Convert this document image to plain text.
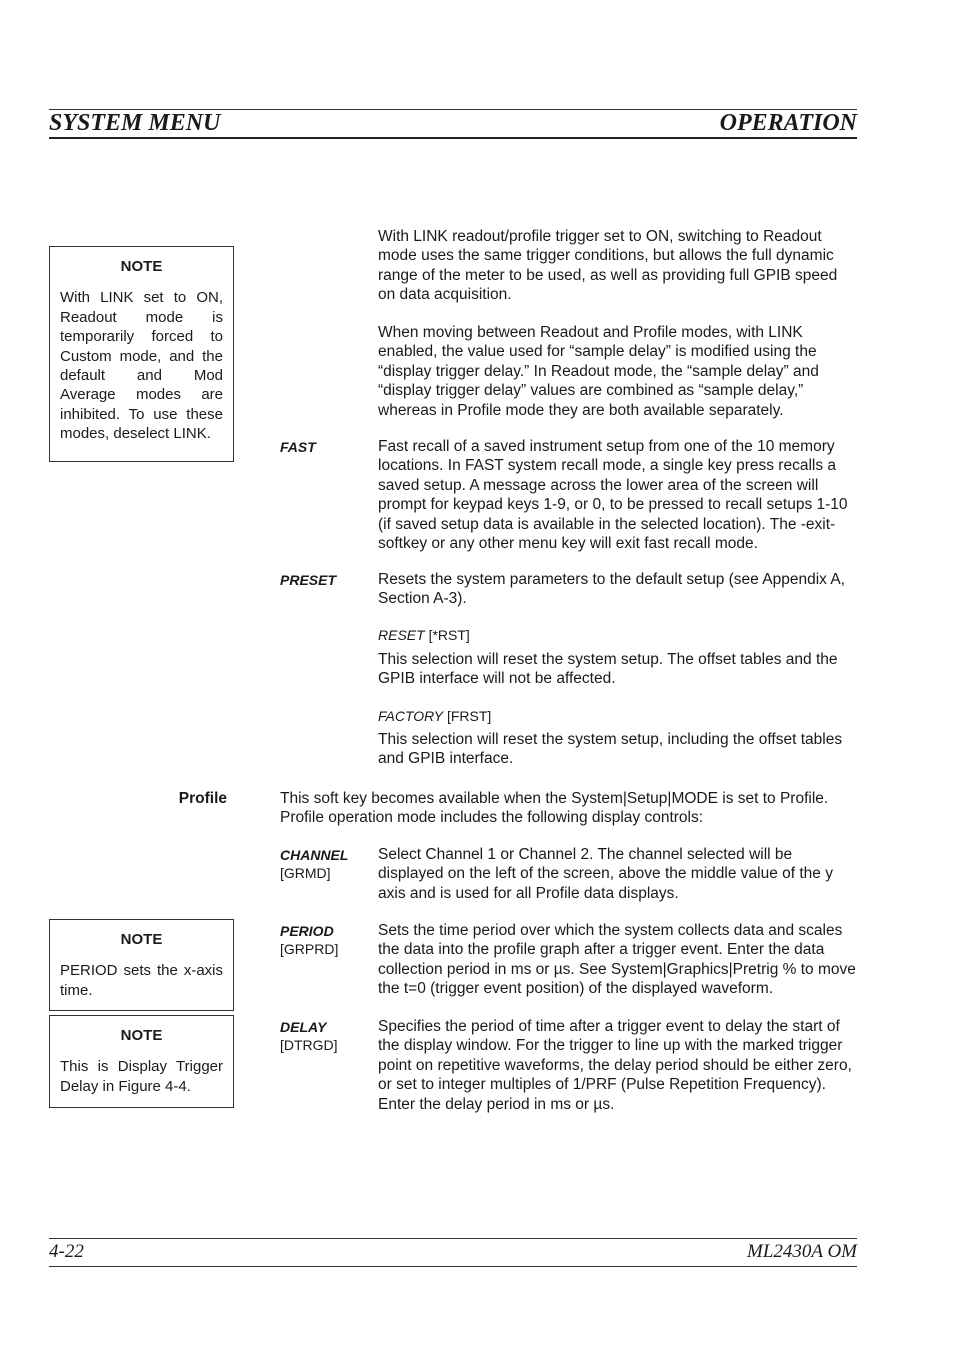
SYSTEM MENU	OPERATION
NOTE
With LINK set to ON, Readout mode is temporarily forced to Custom mode, and the default and Mod Average modes are inhibited. To use these modes, deselect LINK.
NOTE
PERIOD sets the x-axis time.
NOTE
This is Display Trigger Delay in Figure 4-4.
With LINK readout/profile trigger set to ON, switching to Readout mode uses the same trigger conditions, but allows the full dynamic range of the meter to be used, as well as providing full GPIB speed on data acquisition.
When moving between Readout and Profile modes, with LINK enabled, the value used for “sample delay” is modified using the “display trigger delay.” In Readout mode, the “sample delay” and “display trigger delay” values are combined as “sample delay,” whereas in Profile mode they are both available separately.
FAST	Fast recall of a saved instrument setup from one of the 10 memory locations. In FAST system recall mode, a single key press recalls a saved setup. A message across the lower area of the screen will prompt for keypad keys 1-9, or 0, to be pressed to recall setups 1-10 (if saved setup data is available in the selected location). The -exit- softkey or any other menu key will exit fast recall mode.
PRESET	Resets the system parameters to the default setup (see Appendix A, Section A-3).
RESET [*RST]
This selection will reset the system setup. The offset tables and the GPIB interface will not be affected.
FACTORY [FRST]
This selection will reset the system setup, including the offset tables and GPIB interface.
Profile	This soft key becomes available when the System|Setup|MODE is set to Profile. Profile operation mode includes the following display controls:
CHANNEL
[GRMD]
Select Channel 1 or Channel 2. The channel selected will be displayed on the left of the screen, above the middle value of the y axis and is used for all Profile data displays.
PERIOD
[GRPRD]
Sets the time period over which the system collects data and scales the data into the profile graph after a trigger event. Enter the data collection period in ms or µs. See System|Graphics|Pretrig % to move the t=0 (trigger event position) of the displayed waveform.
DELAY
[DTRGD]
Specifies the period of time after a trigger event to delay the start of the display window. For the trigger to line up with the marked trigger point on repetitive waveforms, the delay period should be either zero, or set to integer multiples of 1/PRF (Pulse Repetition Frequency). Enter the delay period in ms or µs.
4-22	ML2430A OM
